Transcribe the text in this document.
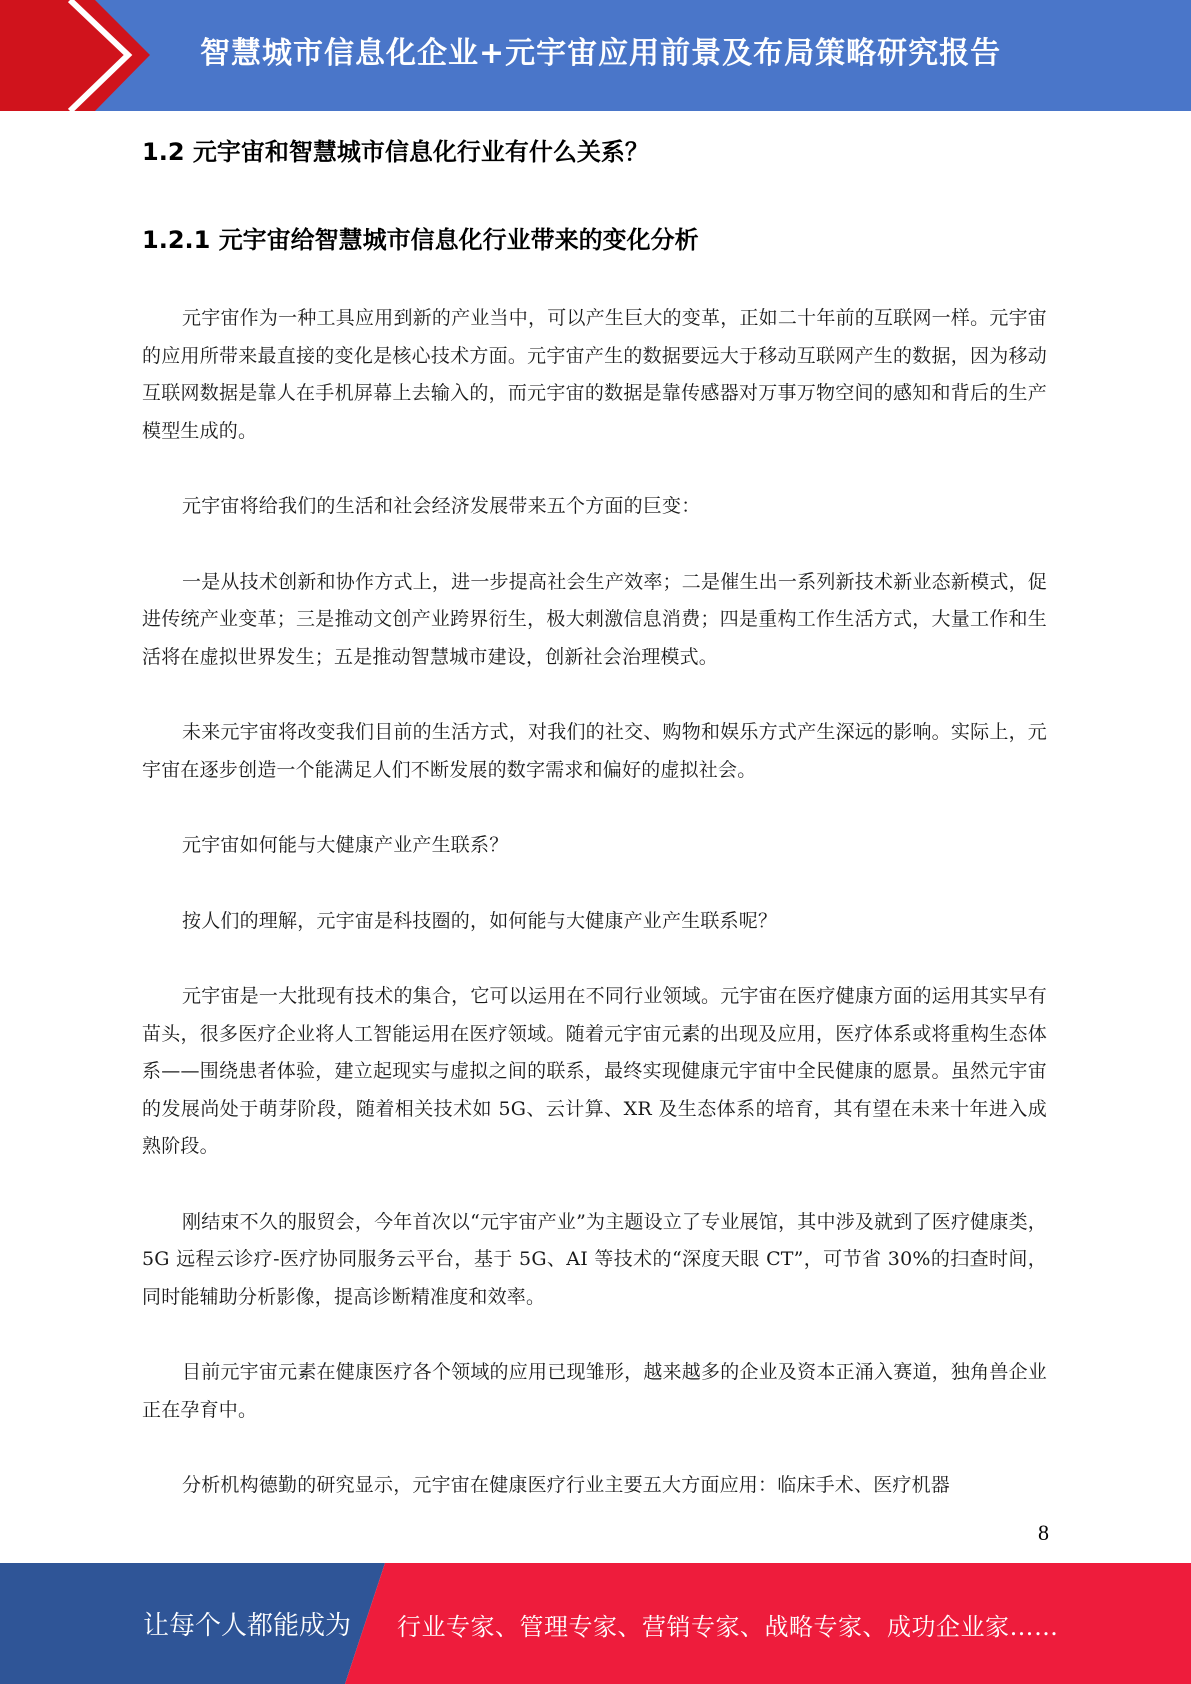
智慧城市信息化企业+元宇宙应用前景及布局策略研究报告
1.2 元宇宙和智慧城市信息化行业有什么关系？
1.2.1 元宇宙给智慧城市信息化行业带来的变化分析

元宇宙作为一种工具应用到新的产业当中，可以产生巨大的变革，正如二十年前的互联网一样。元宇宙的应用所带来最直接的变化是核心技术方面。元宇宙产生的数据要远大于移动互联网产生的数据，因为移动互联网数据是靠人在手机屏幕上去输入的，而元宇宙的数据是靠传感器对万事万物空间的感知和背后的生产模型生成的。

元宇宙将给我们的生活和社会经济发展带来五个方面的巨变：

一是从技术创新和协作方式上，进一步提高社会生产效率；二是催生出一系列新技术新业态新模式，促进传统产业变革；三是推动文创产业跨界衍生，极大刺激信息消费；四是重构工作生活方式，大量工作和生活将在虚拟世界发生；五是推动智慧城市建设，创新社会治理模式。

未来元宇宙将改变我们目前的生活方式，对我们的社交、购物和娱乐方式产生深远的影响。实际上，元宇宙在逐步创造一个能满足人们不断发展的数字需求和偏好的虚拟社会。

元宇宙如何能与大健康产业产生联系？

按人们的理解，元宇宙是科技圈的，如何能与大健康产业产生联系呢？

元宇宙是一大批现有技术的集合，它可以运用在不同行业领域。元宇宙在医疗健康方面的运用其实早有苗头，很多医疗企业将人工智能运用在医疗领域。随着元宇宙元素的出现及应用，医疗体系或将重构生态体系——围绕患者体验，建立起现实与虚拟之间的联系，最终实现健康元宇宙中全民健康的愿景。虽然元宇宙的发展尚处于萌芽阶段，随着相关技术如 5G、云计算、XR 及生态体系的培育，其有望在未来十年进入成熟阶段。

刚结束不久的服贸会，今年首次以“元宇宙产业”为主题设立了专业展馆，其中涉及就到了医疗健康类，5G 远程云诊疗-医疗协同服务云平台，基于 5G、AI 等技术的“深度天眼 CT”，可节省 30%的扫查时间，同时能辅助分析影像，提高诊断精准度和效率。

目前元宇宙元素在健康医疗各个领域的应用已现雏形，越来越多的企业及资本正涌入赛道，独角兽企业正在孕育中。

分析机构德勤的研究显示，元宇宙在健康医疗行业主要五大方面应用：临床手术、医疗机器

8
让每个人都能成为 行业专家、管理专家、营销专家、战略专家、成功企业家……
